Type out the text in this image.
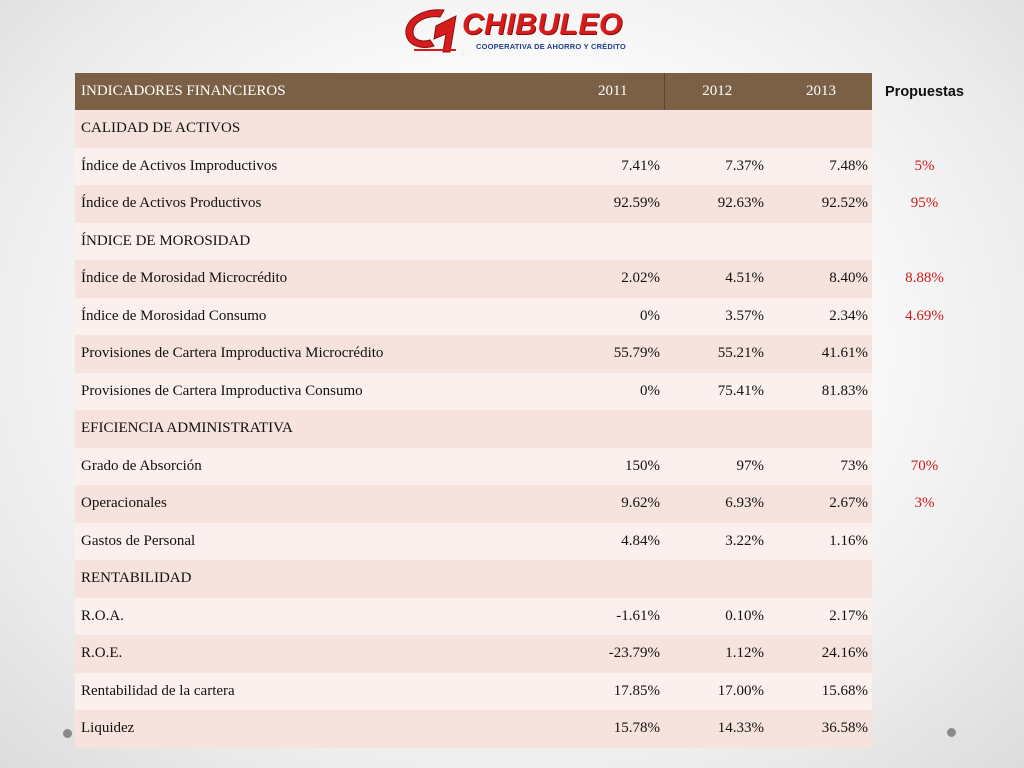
CHIBULEO
COOPERATIVA DE AHORRO Y CRÉDITO
INDICADORES FINANCIEROS	2011	2012	2013	Propuestas
CALIDAD DE ACTIVOS				
Índice de Activos Improductivos	7.41%	7.37%	7.48%	5%
Índice de Activos Productivos	92.59%	92.63%	92.52%	95%
ÍNDICE DE MOROSIDAD				
Índice de Morosidad Microcrédito	2.02%	4.51%	8.40%	8.88%
Índice de Morosidad Consumo	0%	3.57%	2.34%	4.69%
Provisiones de Cartera Improductiva Microcrédito	55.79%	55.21%	41.61%	
Provisiones de Cartera Improductiva Consumo	0%	75.41%	81.83%	
EFICIENCIA ADMINISTRATIVA				
Grado de Absorción	150%	97%	73%	70%
Operacionales	9.62%	6.93%	2.67%	3%
Gastos de Personal	4.84%	3.22%	1.16%	
RENTABILIDAD				
R.O.A.	-1.61%	0.10%	2.17%	
R.O.E.	-23.79%	1.12%	24.16%	
Rentabilidad de la cartera	17.85%	17.00%	15.68%	
Liquidez	15.78%	14.33%	36.58%	
